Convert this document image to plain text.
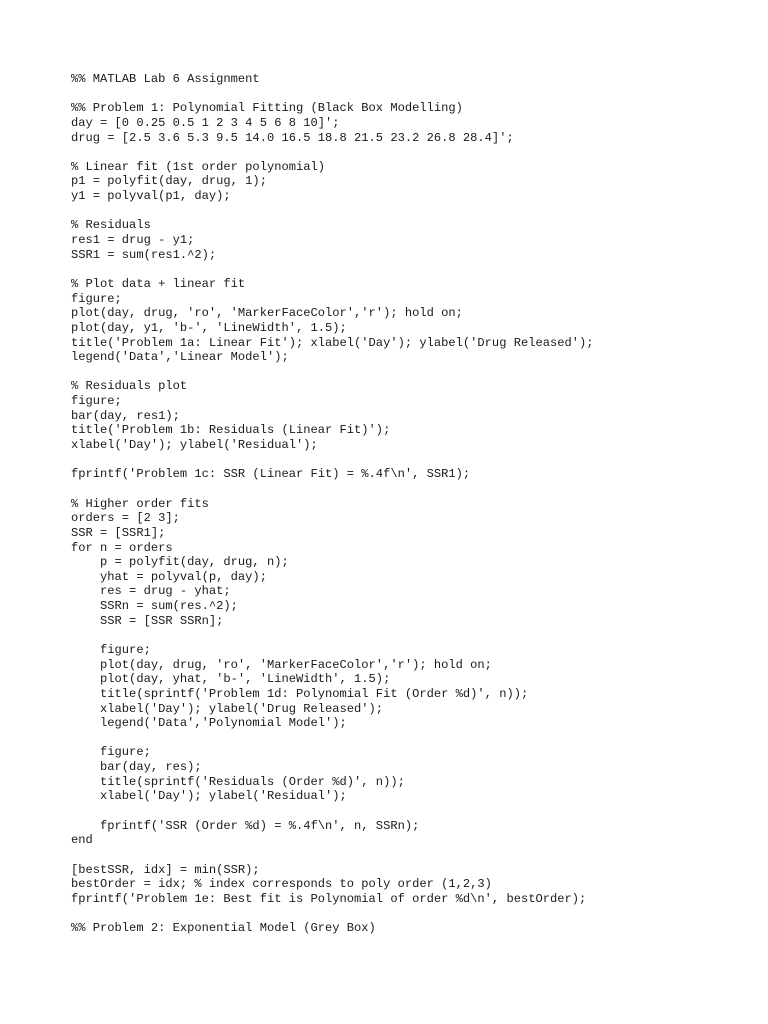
%% MATLAB Lab 6 Assignment
%% Problem 1: Polynomial Fitting (Black Box Modelling)
day = [0 0.25 0.5 1 2 3 4 5 6 8 10]';
drug = [2.5 3.6 5.3 9.5 14.0 16.5 18.8 21.5 23.2 26.8 28.4]';
% Linear fit (1st order polynomial)
p1 = polyfit(day, drug, 1);
y1 = polyval(p1, day);
% Residuals
res1 = drug - y1;
SSR1 = sum(res1.^2);
% Plot data + linear fit
figure;
plot(day, drug, 'ro', 'MarkerFaceColor','r'); hold on;
plot(day, y1, 'b-', 'LineWidth', 1.5);
title('Problem 1a: Linear Fit'); xlabel('Day'); ylabel('Drug Released');
legend('Data','Linear Model');
% Residuals plot
figure;
bar(day, res1);
title('Problem 1b: Residuals (Linear Fit)');
xlabel('Day'); ylabel('Residual');
fprintf('Problem 1c: SSR (Linear Fit) = %.4f\n', SSR1);
% Higher order fits
orders = [2 3];
SSR = [SSR1];
for n = orders
p = polyfit(day, drug, n);
yhat = polyval(p, day);
res = drug - yhat;
SSRn = sum(res.^2);
SSR = [SSR SSRn];
figure;
plot(day, drug, 'ro', 'MarkerFaceColor','r'); hold on;
plot(day, yhat, 'b-', 'LineWidth', 1.5);
title(sprintf('Problem 1d: Polynomial Fit (Order %d)', n));
xlabel('Day'); ylabel('Drug Released');
legend('Data','Polynomial Model');
figure;
bar(day, res);
title(sprintf('Residuals (Order %d)', n));
xlabel('Day'); ylabel('Residual');
fprintf('SSR (Order %d) = %.4f\n', n, SSRn);
end
[bestSSR, idx] = min(SSR);
bestOrder = idx; % index corresponds to poly order (1,2,3)
fprintf('Problem 1e: Best fit is Polynomial of order %d\n', bestOrder);
%% Problem 2: Exponential Model (Grey Box)
